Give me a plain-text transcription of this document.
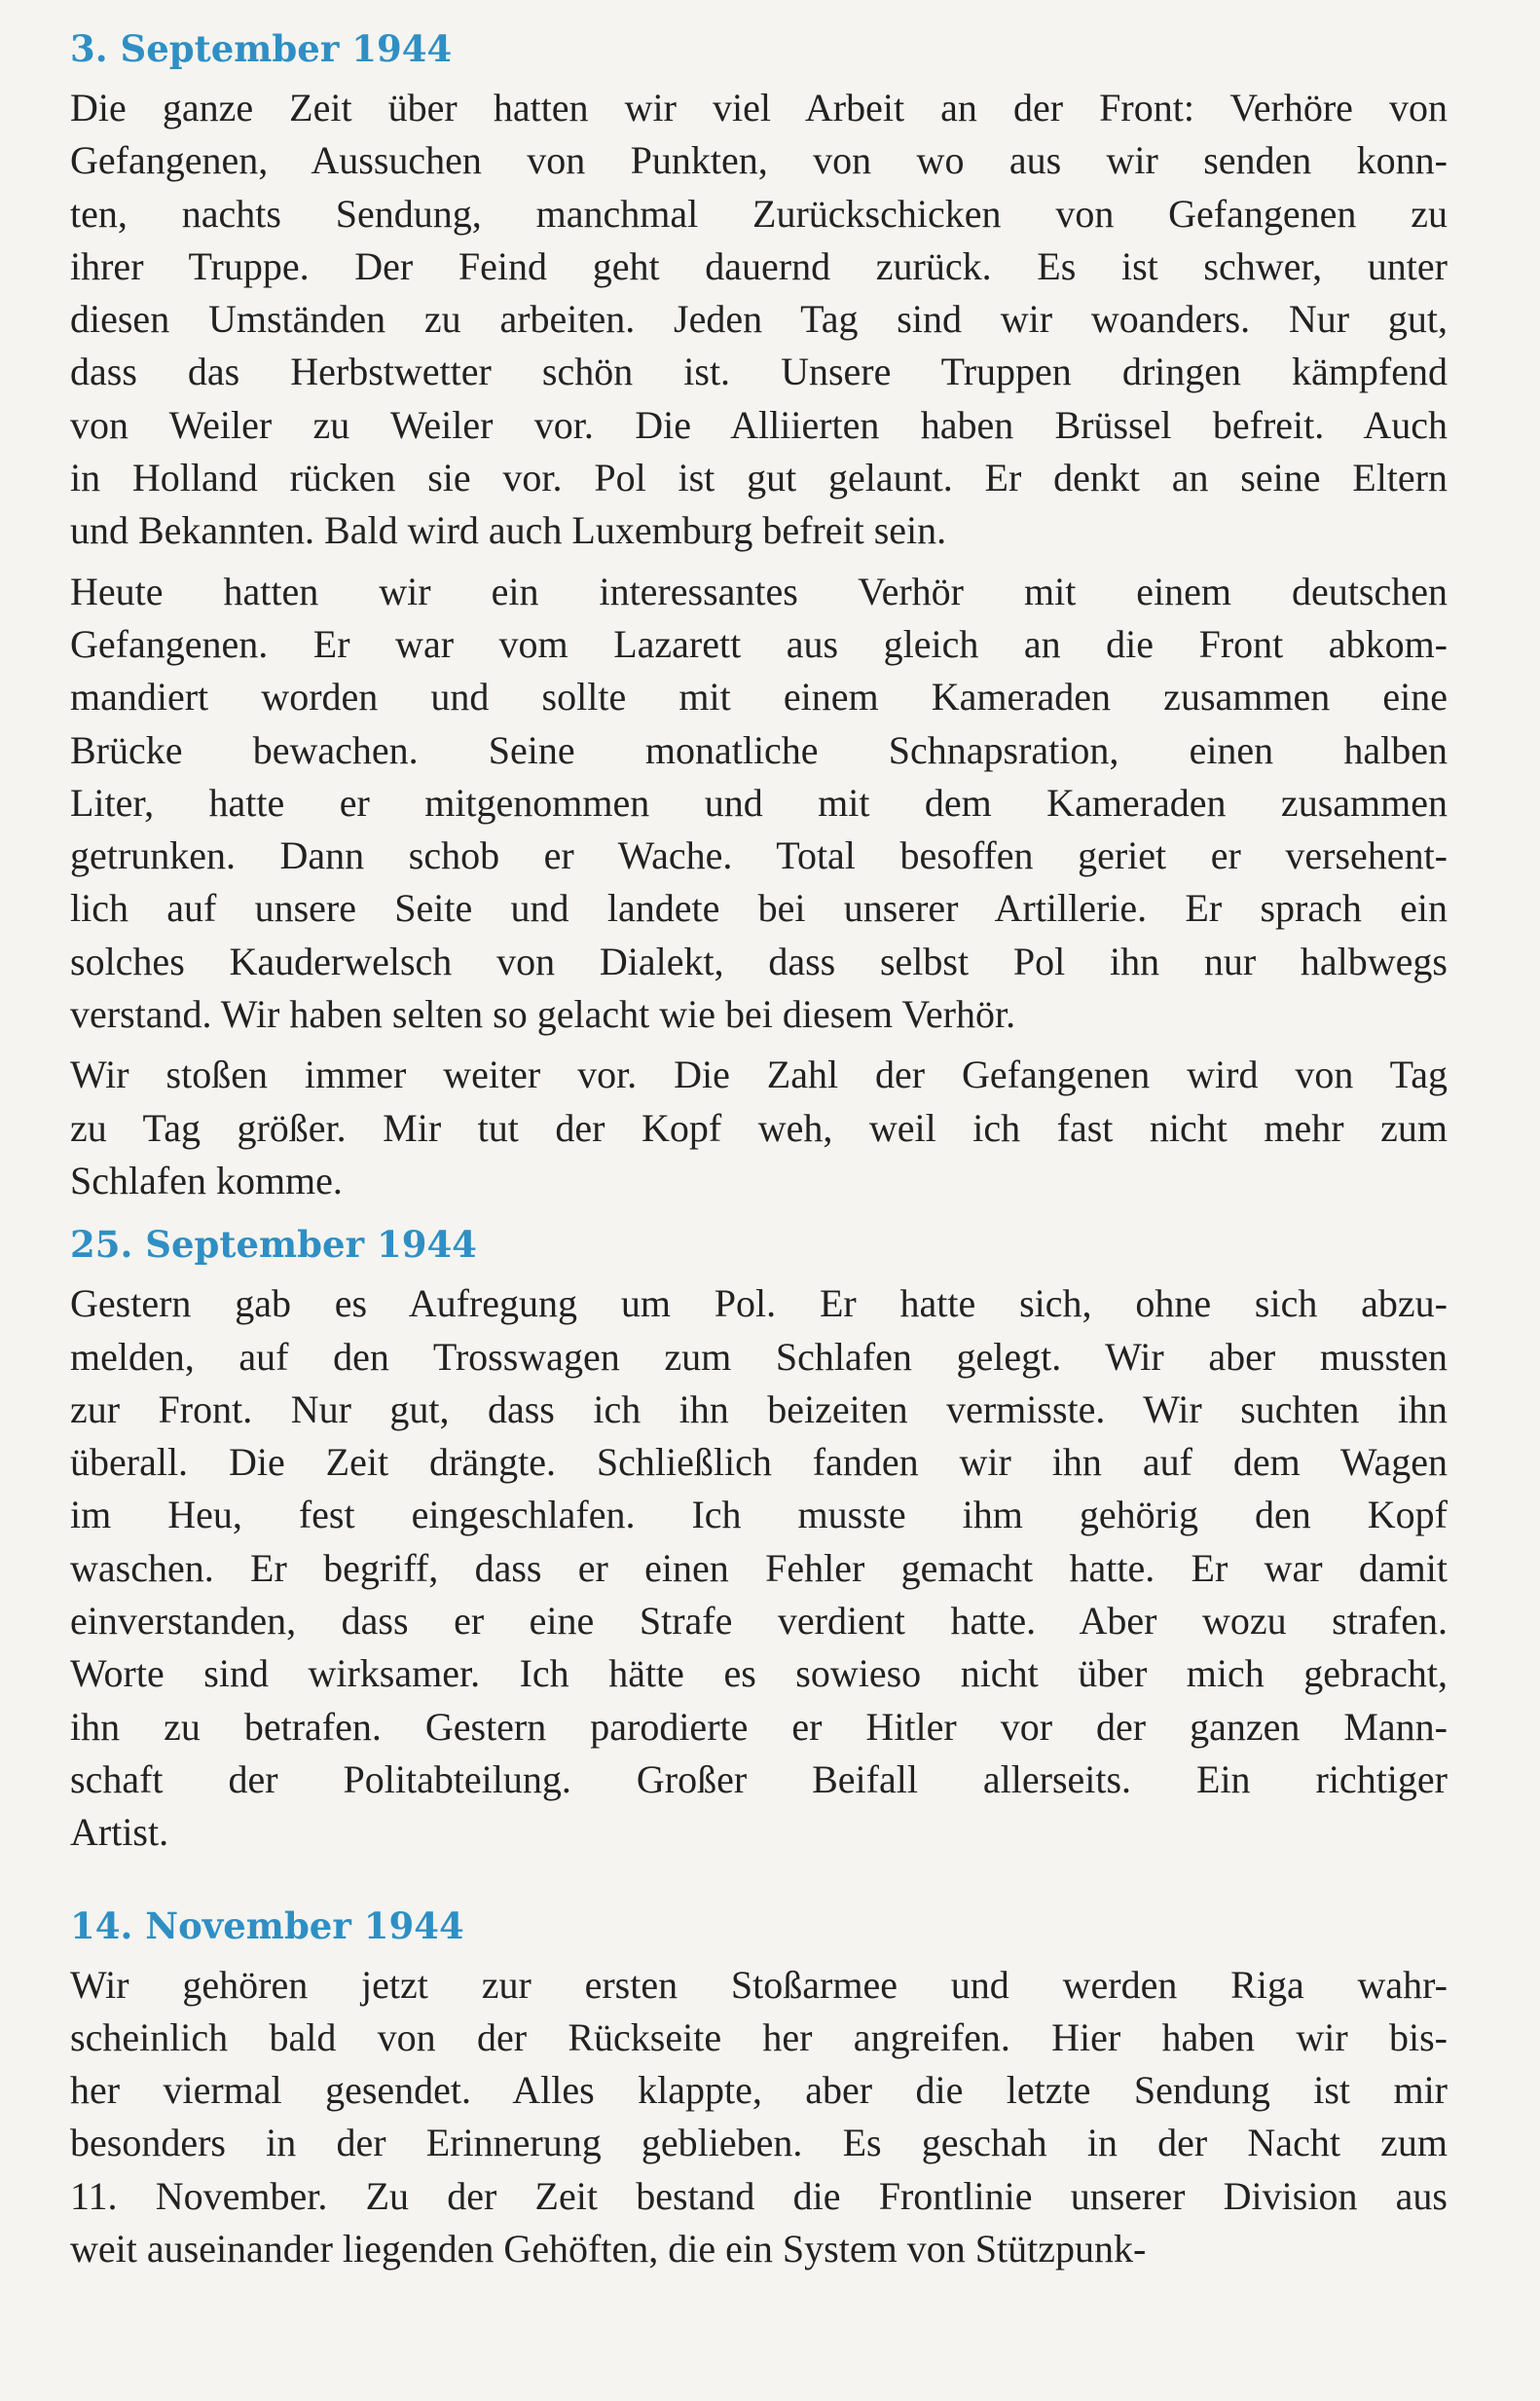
3. September 1944

Die ganze Zeit über hatten wir viel Arbeit an der Front: Verhöre von
Gefangenen, Aussuchen von Punkten, von wo aus wir senden konn-
ten, nachts Sendung, manchmal Zurückschicken von Gefangenen zu
ihrer Truppe. Der Feind geht dauernd zurück. Es ist schwer, unter
diesen Umständen zu arbeiten. Jeden Tag sind wir woanders. Nur gut,
dass das Herbstwetter schön ist. Unsere Truppen dringen kämpfend
von Weiler zu Weiler vor. Die Alliierten haben Brüssel befreit. Auch
in Holland rücken sie vor. Pol ist gut gelaunt. Er denkt an seine Eltern
und Bekannten. Bald wird auch Luxemburg befreit sein.

Heute hatten wir ein interessantes Verhör mit einem deutschen
Gefangenen. Er war vom Lazarett aus gleich an die Front abkom-
mandiert worden und sollte mit einem Kameraden zusammen eine
Brücke bewachen. Seine monatliche Schnapsration, einen halben
Liter, hatte er mitgenommen und mit dem Kameraden zusammen
getrunken. Dann schob er Wache. Total besoffen geriet er versehent-
lich auf unsere Seite und landete bei unserer Artillerie. Er sprach ein
solches Kauderwelsch von Dialekt, dass selbst Pol ihn nur halbwegs
verstand. Wir haben selten so gelacht wie bei diesem Verhör.

Wir stoßen immer weiter vor. Die Zahl der Gefangenen wird von Tag
zu Tag größer. Mir tut der Kopf weh, weil ich fast nicht mehr zum
Schlafen komme.

25. September 1944

Gestern gab es Aufregung um Pol. Er hatte sich, ohne sich abzu-
melden, auf den Trosswagen zum Schlafen gelegt. Wir aber mussten
zur Front. Nur gut, dass ich ihn beizeiten vermisste. Wir suchten ihn
überall. Die Zeit drängte. Schließlich fanden wir ihn auf dem Wagen
im Heu, fest eingeschlafen. Ich musste ihm gehörig den Kopf
waschen. Er begriff, dass er einen Fehler gemacht hatte. Er war damit
einverstanden, dass er eine Strafe verdient hatte. Aber wozu strafen.
Worte sind wirksamer. Ich hätte es sowieso nicht über mich gebracht,
ihn zu betrafen. Gestern parodierte er Hitler vor der ganzen Mann-
schaft der Politabteilung. Großer Beifall allerseits. Ein richtiger
Artist.

14. November 1944

Wir gehören jetzt zur ersten Stoßarmee und werden Riga wahr-
scheinlich bald von der Rückseite her angreifen. Hier haben wir bis-
her viermal gesendet. Alles klappte, aber die letzte Sendung ist mir
besonders in der Erinnerung geblieben. Es geschah in der Nacht zum
11. November. Zu der Zeit bestand die Frontlinie unserer Division aus
weit auseinander liegenden Gehöften, die ein System von Stützpunk-
